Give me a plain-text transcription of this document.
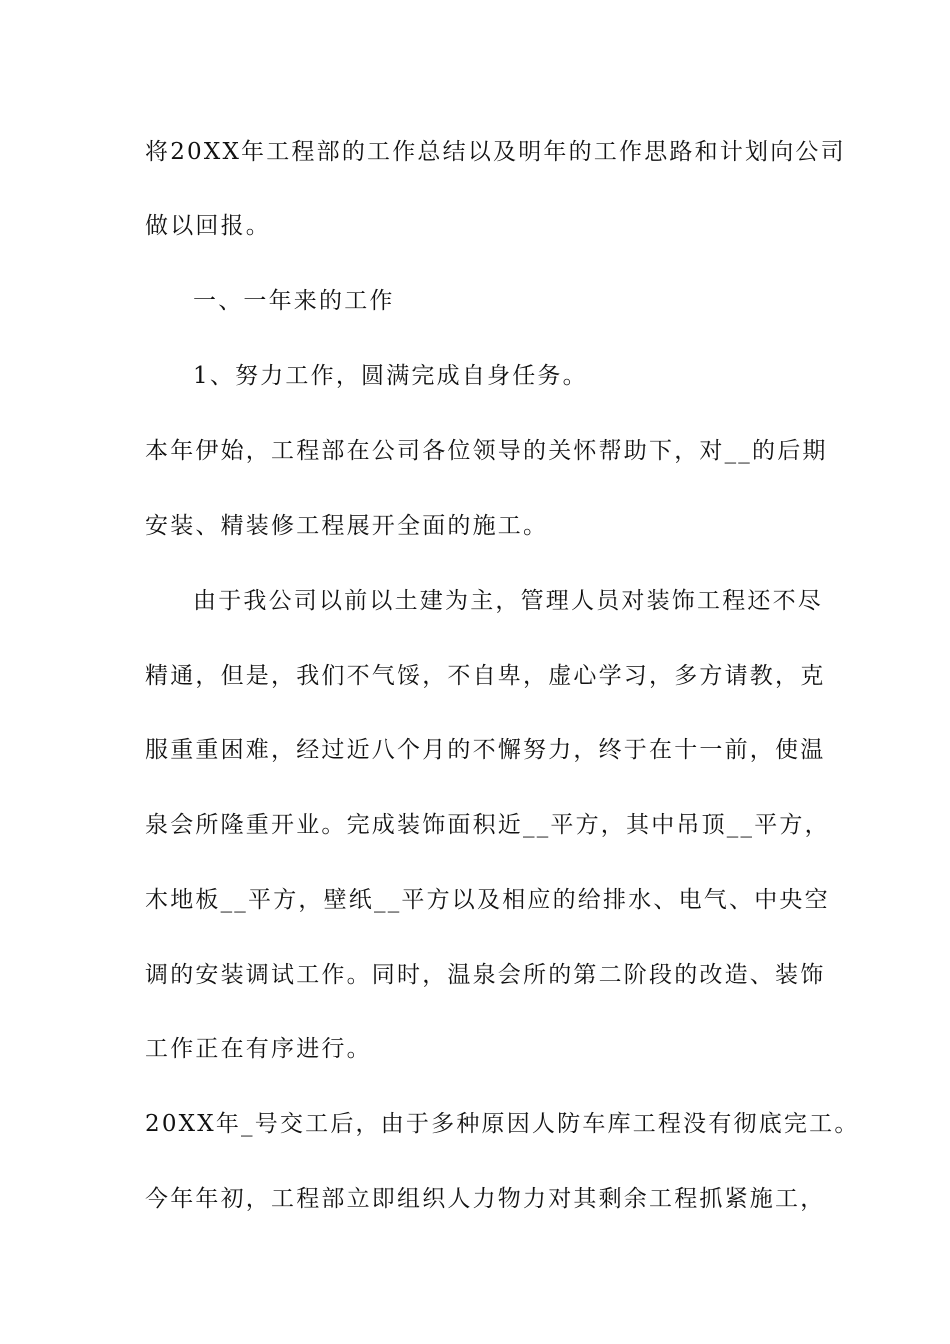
将20XX年工程部的工作总结以及明年的工作思路和计划向公司
做以回报。
一、一年来的工作
1、努力工作，圆满完成自身任务。
本年伊始，工程部在公司各位领导的关怀帮助下，对__的后期
安装、精装修工程展开全面的施工。
由于我公司以前以土建为主，管理人员对装饰工程还不尽
精通，但是，我们不气馁，不自卑，虚心学习，多方请教，克
服重重困难，经过近八个月的不懈努力，终于在十一前，使温
泉会所隆重开业。完成装饰面积近__平方，其中吊顶__平方，
木地板__平方，壁纸__平方以及相应的给排水、电气、中央空
调的安装调试工作。同时，温泉会所的第二阶段的改造、装饰
工作正在有序进行。
20XX年_号交工后，由于多种原因人防车库工程没有彻底完工。
今年年初，工程部立即组织人力物力对其剩余工程抓紧施工，
